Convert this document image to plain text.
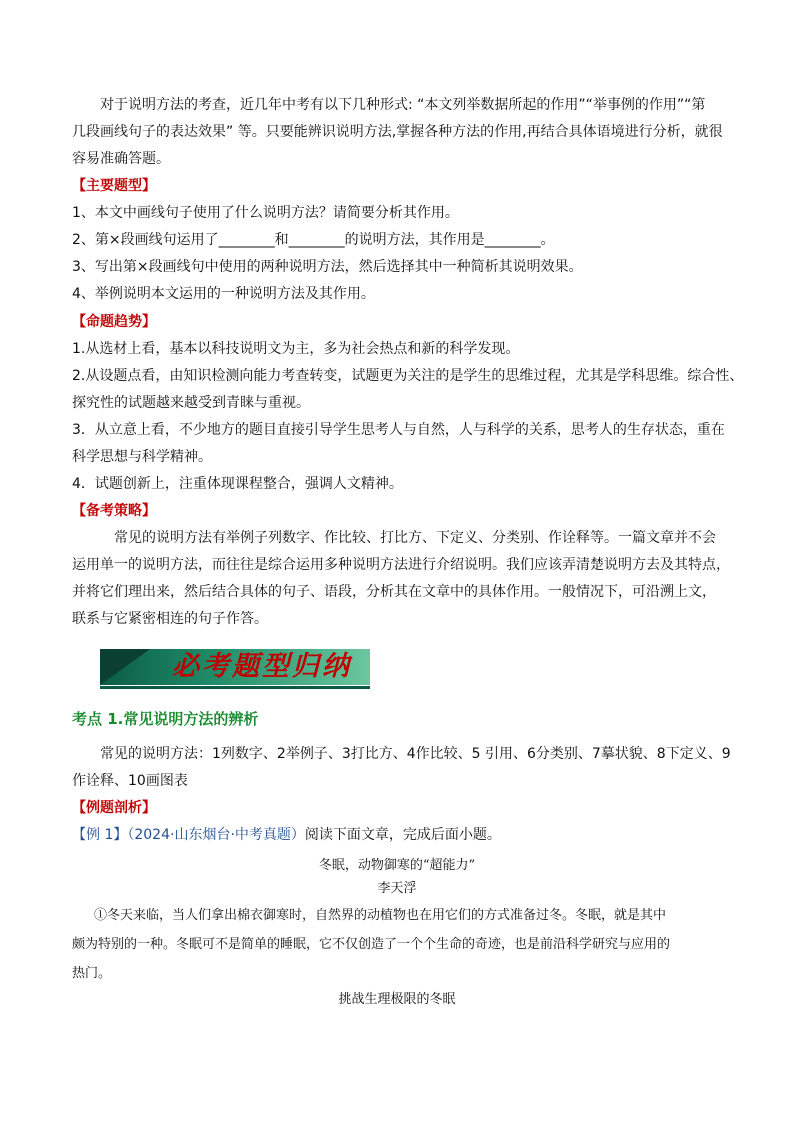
对于说明方法的考查，近几年中考有以下几种形式: “本文列举数据所起的作用”“举事例的作用”“第
几段画线句子的表达效果” 等。只要能辨识说明方法,掌握各种方法的作用,再结合具体语境进行分析，就很
容易准确答题。

【主要题型】

1、本文中画线句子使用了什么说明方法？请简要分析其作用。

2、第×段画线句运用了________和________的说明方法，其作用是________。

3、写出第×段画线句中使用的两种说明方法，然后选择其中一种简析其说明效果。

4、举例说明本文运用的一种说明方法及其作用。

【命题趋势】

1.从选材上看，基本以科技说明文为主，多为社会热点和新的科学发现。

2.从设题点看，由知识检测向能力考查转变，试题更为关注的是学生的思维过程，尤其是学科思维。综合性、
探究性的试题越来越受到青睐与重视。

3．从立意上看，不少地方的题目直接引导学生思考人与自然，人与科学的关系，思考人的生存状态，重在
科学思想与科学精神。

4．试题创新上，注重体现课程整合，强调人文精神。

【备考策略】

常见的说明方法有举例子列数字、作比较、打比方、下定义、分类别、作诠释等。一篇文章并不会
运用单一的说明方法，而往往是综合运用多种说明方法进行介绍说明。我们应该弄清楚说明方去及其特点，
并将它们理出来，然后结合具体的句子、语段，分析其在文章中的具体作用。一般情况下，可沿溯上文，
联系与它紧密相连的句子作答。

必考题型归纳

考点 1.常见说明方法的辨析

常见的说明方法：1列数字、2举例子、3打比方、4作比较、5 引用、6分类别、7摹状貌、8下定义、9
作诠释、10画图表

【例题剖析】

【例 1】（2024·山东烟台·中考真题）阅读下面文章，完成后面小题。

冬眠，动物御寒的“超能力”
李天浮
①冬天来临，当人们拿出棉衣御寒时，自然界的动植物也在用它们的方式准备过冬。冬眠，就是其中
颇为特别的一种。冬眠可不是简单的睡眠，它不仅创造了一个个生命的奇迹，也是前沿科学研究与应用的
热门。
挑战生理极限的冬眠
